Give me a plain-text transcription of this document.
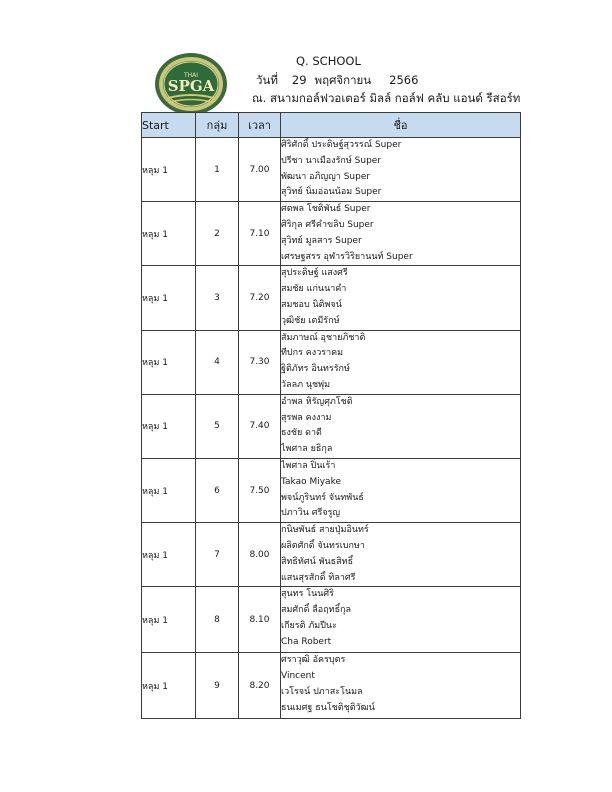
THAI
SPGA
Q. SCHOOL
วันที่ 29 พฤศจิกายน 2566
ณ. สนามกอล์ฟวอเตอร์ มิลล์ กอล์ฟ คลับ แอนด์ รีสอร์ท
Start	กลุ่ม	เวลา	ชื่อ
หลุม 1	1	7.00	ศิริศักดิ์ ประดิษฐ์สุวรรณ์ Super
ปรีชา นาเมืองรักษ์ Super
พัฒนา อภิญญา Super
สุวิทย์ นิ่มอ่อนน้อม Super

หลุม 1	2	7.10	ศตพล โชติพันธ์ Super
ศิริกุล ศรีคำขลิบ Super
สุวิทย์ มูลสาร Super
เศรษฐสรร อุฬารวิริยานนท์ Super

หลุม 1	3	7.20	สุประดิษฐ์ แสงศรี
สมชัย แก่นนาคำ
สมชอบ นิติพจน์
วุฒิชัย เตมีรักษ์

หลุม 1	4	7.30	สัมภาษณ์ อุชายภิชาติ
ทีปกร คงวราคม
ฐิติภัทร อินทรรักษ์
วัลลภ นุชพุ่ม

หลุม 1	5	7.40	อำพล หิรัญศุภโชติ
สุรพล คงงาม
ธงชัย ดาดี
ไพศาล ยธิกุล

หลุม 1	6	7.50	ไพศาล ปิ่นเร้า
Takao Miyake
พจน์ภูรินทร์ จันทพันธ์
ปภาวิน ศรีจรูญ

หลุม 1	7	8.00	กนิษพันธ์ สายปุ่มอินทร์
ผลิตศักดิ์ จันทรเบกษา
สิทธิทัศน์ พันธสิทธิ์
แสนสุรสักดิ์ ทิลาศรี

หลุม 1	8	8.10	สุนทร โนนศิริ
สมศักดิ์ ลือฤทธิ์กุล
เกียรติ ภัมปีนะ
Cha Robert

หลุม 1	9	8.20	ศราวุฒิ อัครบุตร
Vincent
เวโรจน์ ปภาสะโนมล
ธนเมศฐ ธนโชติชุติวัฒน์
